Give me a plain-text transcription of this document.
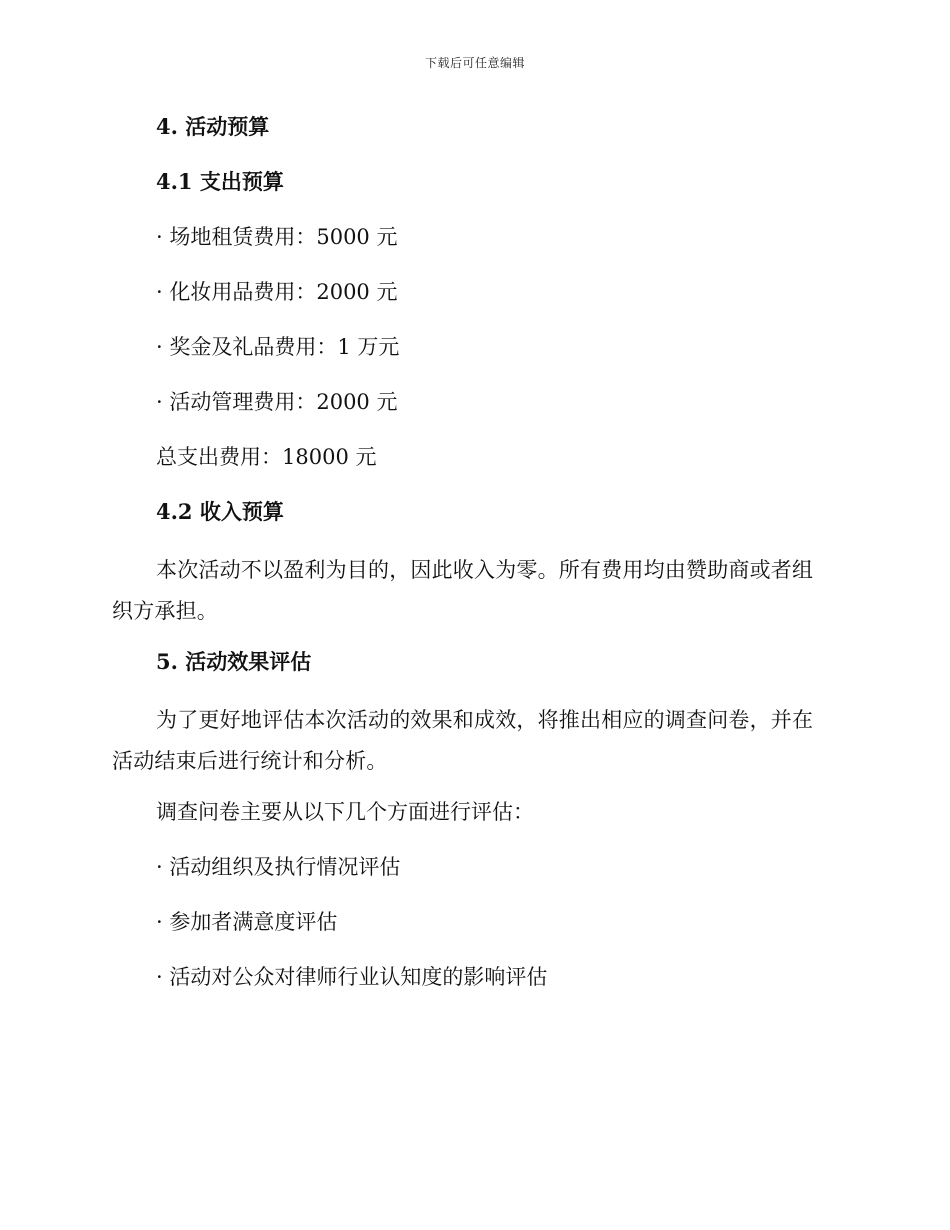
下载后可任意编辑
4. 活动预算
4.1 支出预算
· 场地租赁费用：5000 元
· 化妆用品费用：2000 元
· 奖金及礼品费用：1 万元
· 活动管理费用：2000 元
总支出费用：18000 元
4.2 收入预算
本次活动不以盈利为目的，因此收入为零。所有费用均由赞助商或者组织方承担。
5. 活动效果评估
为了更好地评估本次活动的效果和成效，将推出相应的调查问卷，并在活动结束后进行统计和分析。
调查问卷主要从以下几个方面进行评估：
· 活动组织及执行情况评估
· 参加者满意度评估
· 活动对公众对律师行业认知度的影响评估
